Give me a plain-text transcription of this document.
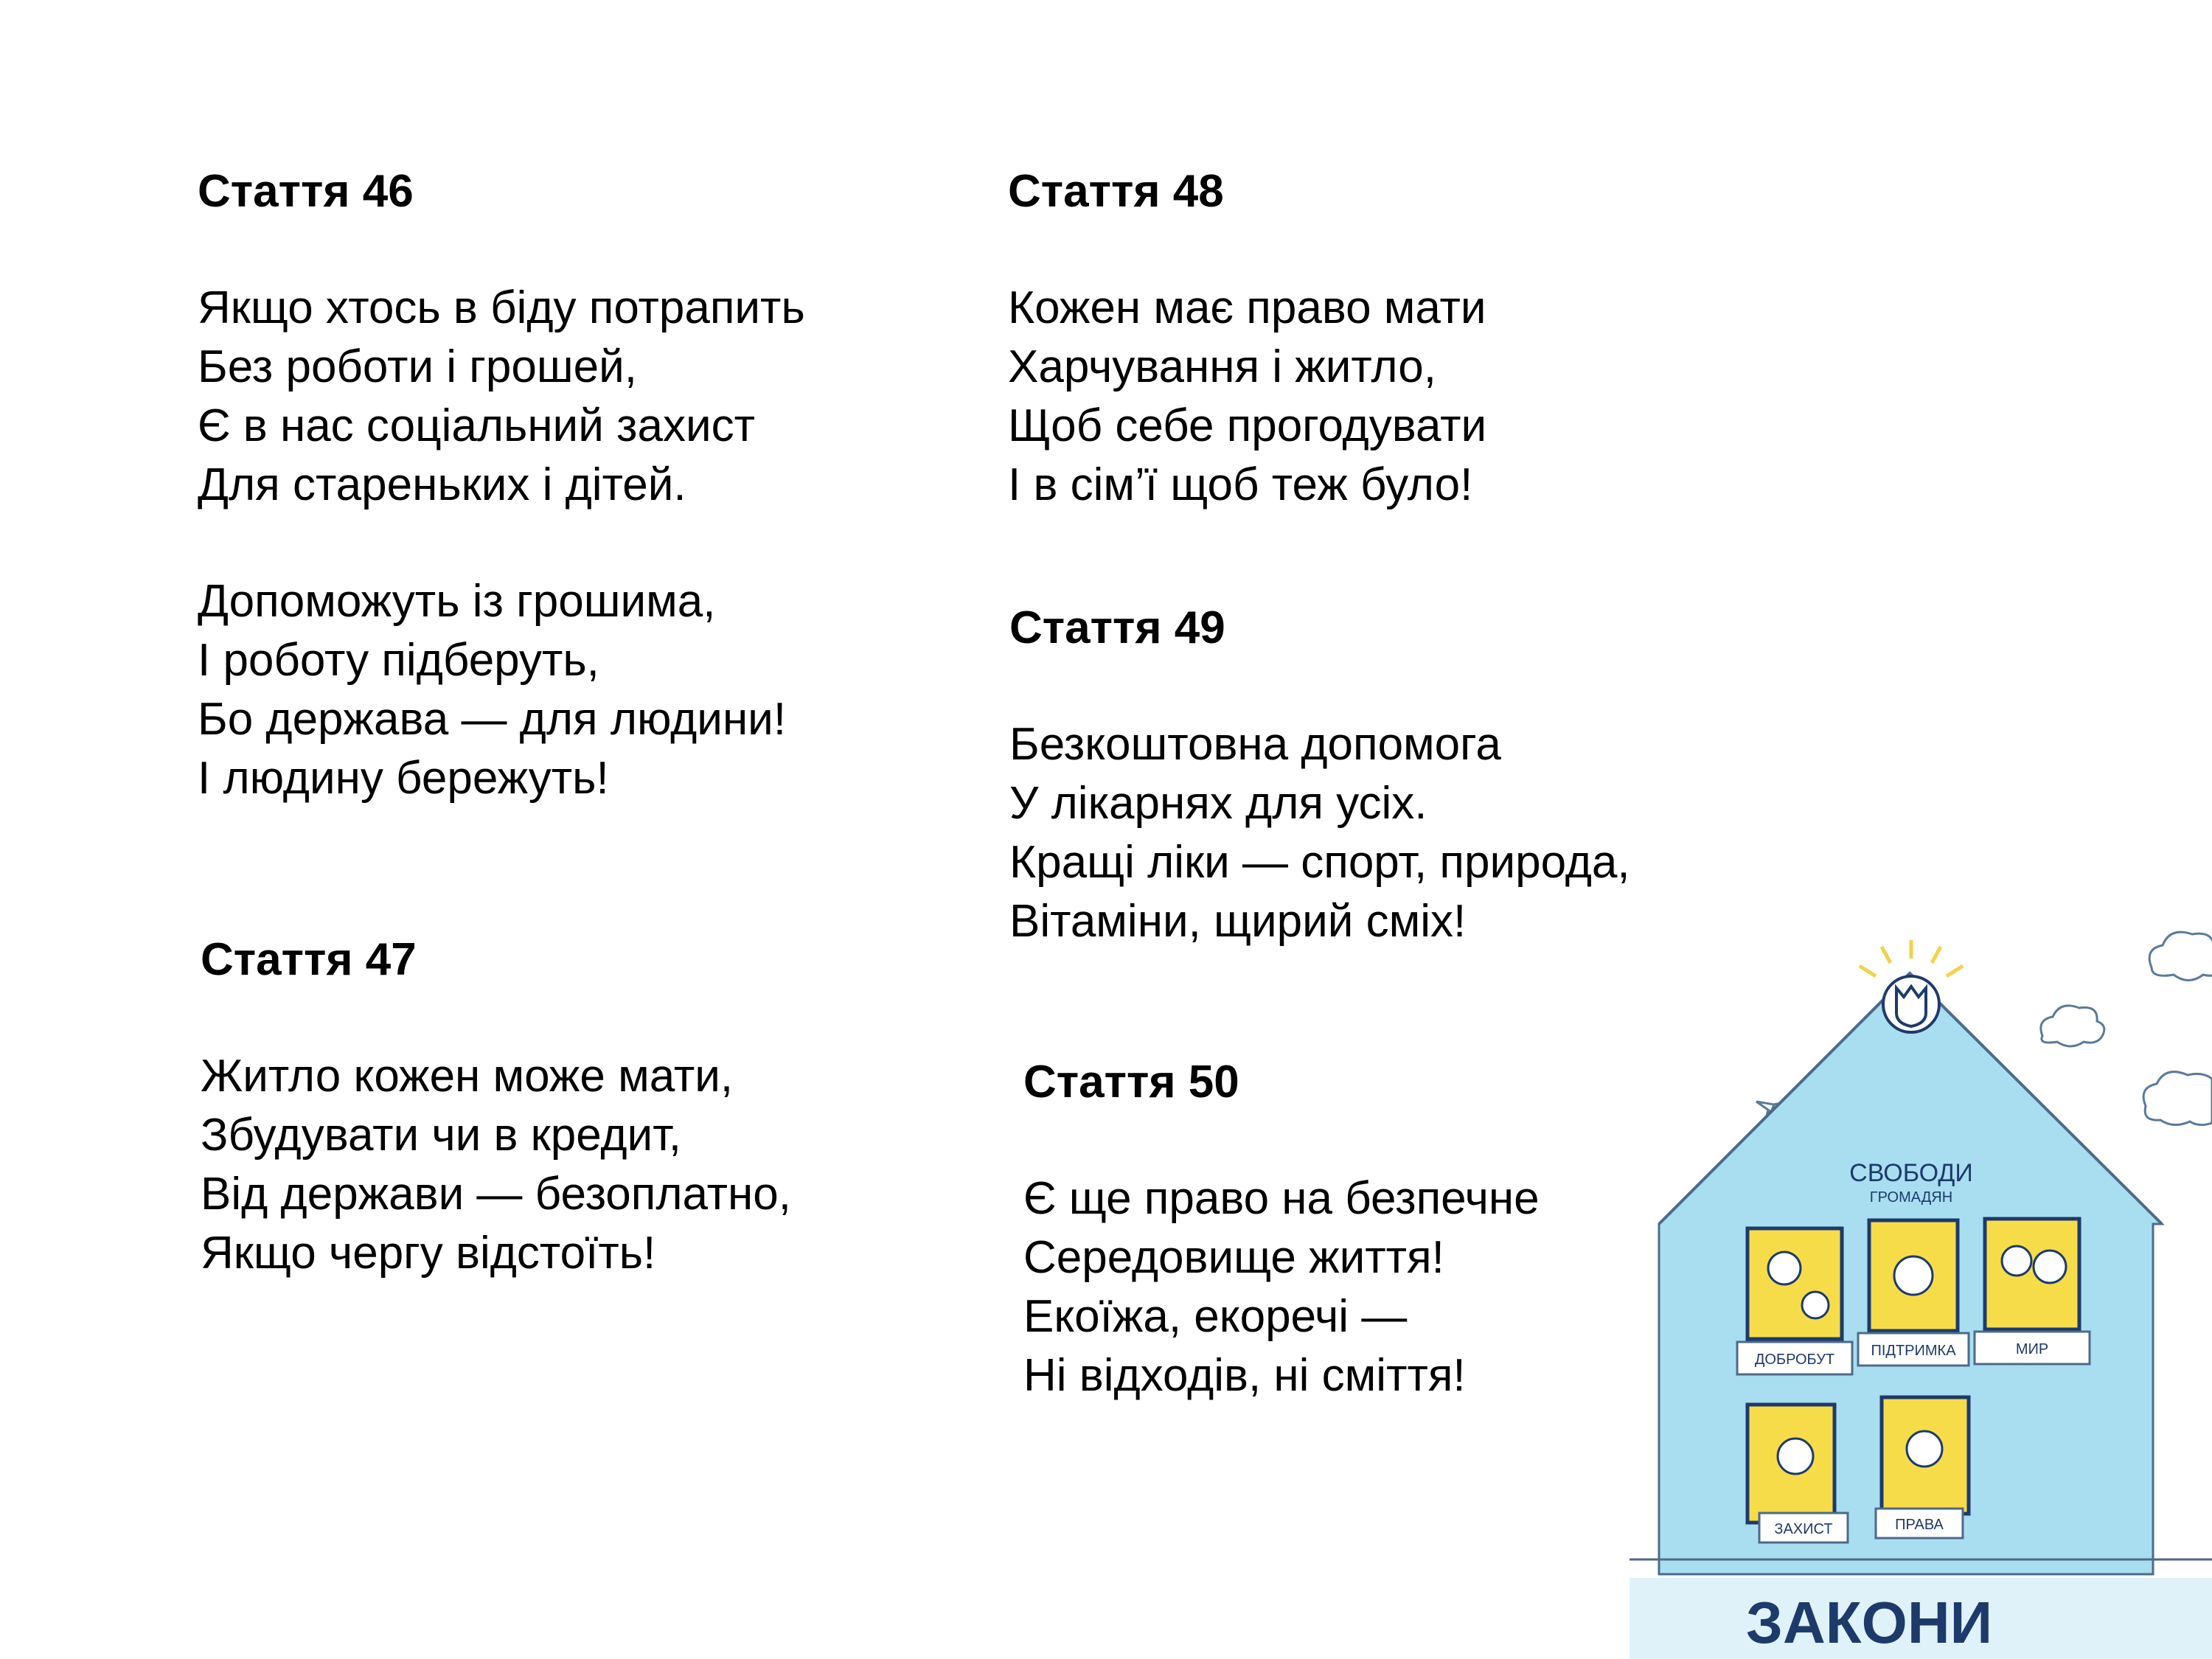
Стаття 46
Якщо хтось в біду потрапить
Без роботи і грошей,
Є в нас соціальний захист
Для старенькиx і дітей.
Допоможуть із грошима,
І роботу підберуть,
Бо держава — для людини!
І людину бережуть!
Стаття 47
Житло кожен може мати,
Збудувати чи в кредит,
Від держави — безоплатно,
Якщо чергу відстоїть!
Стаття 48
Кожен має право мати
Харчування і житло,
Щоб себе прогодувати
І в сім’ї щоб теж було!
Стаття 49
Безкоштовна допомога
У лікарнях для усіх.
Кращі ліки — спорт, природа,
Вітаміни, щирий сміх!
Стаття 50
Є ще право на безпечне
Середовище життя!
Екоїжа, екоречі —
Ні відходів, ні сміття!
СВОБОДИ
ГРОМАДЯН
ДОБРОБУТ
ПІДТРИМКА	МИР
ЗАХИСТ	ПРАВА
ЗАКОНИ
